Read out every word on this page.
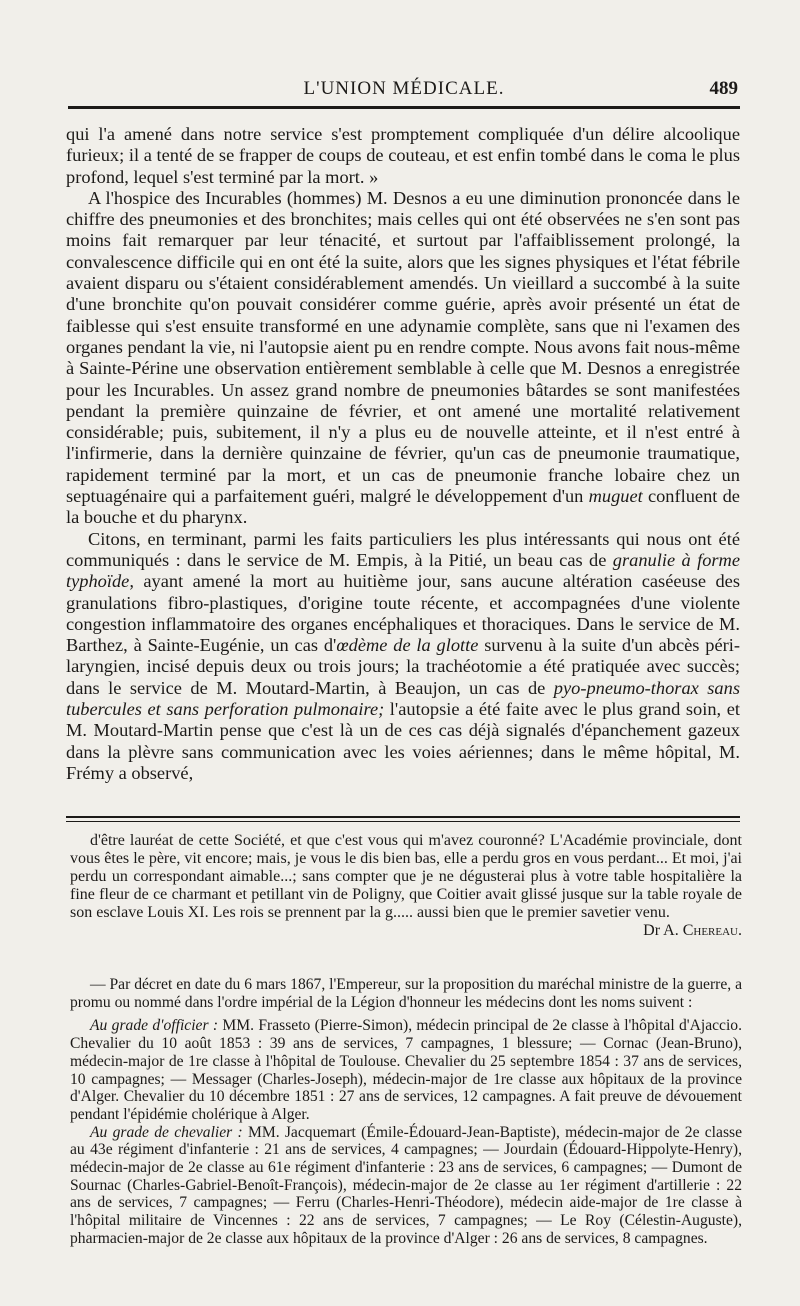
L'UNION MÉDICALE.	489

qui l'a amené dans notre service s'est promptement compliquée d'un délire alcoolique furieux; il a tenté de se frapper de coups de couteau, et est enfin tombé dans le coma le plus profond, lequel s'est terminé par la mort. »

A l'hospice des Incurables (hommes) M. Desnos a eu une diminution prononcée dans le chiffre des pneumonies et des bronchites; mais celles qui ont été observées ne s'en sont pas moins fait remarquer par leur ténacité, et surtout par l'affaiblissement prolongé, la convalescence difficile qui en ont été la suite, alors que les signes physiques et l'état fébrile avaient disparu ou s'étaient considérablement amendés. Un vieillard a succombé à la suite d'une bronchite qu'on pouvait considérer comme guérie, après avoir présenté un état de faiblesse qui s'est ensuite transformé en une adynamie complète, sans que ni l'examen des organes pendant la vie, ni l'autopsie aient pu en rendre compte. Nous avons fait nous-même à Sainte-Périne une observation entièrement semblable à celle que M. Desnos a enregistrée pour les Incurables. Un assez grand nombre de pneumonies bâtardes se sont manifestées pendant la première quinzaine de février, et ont amené une mortalité relativement considérable; puis, subitement, il n'y a plus eu de nouvelle atteinte, et il n'est entré à l'infirmerie, dans la dernière quinzaine de février, qu'un cas de pneumonie traumatique, rapidement terminé par la mort, et un cas de pneumonie franche lobaire chez un septuagénaire qui a parfaitement guéri, malgré le développement d'un muguet confluent de la bouche et du pharynx.

Citons, en terminant, parmi les faits particuliers les plus intéressants qui nous ont été communiqués : dans le service de M. Empis, à la Pitié, un beau cas de granulie à forme typhoïde, ayant amené la mort au huitième jour, sans aucune altération caséeuse des granulations fibro-plastiques, d'origine toute récente, et accompagnées d'une violente congestion inflammatoire des organes encéphaliques et thoraciques. Dans le service de M. Barthez, à Sainte-Eugénie, un cas d'œdème de la glotte survenu à la suite d'un abcès péri-laryngien, incisé depuis deux ou trois jours; la trachéotomie a été pratiquée avec succès; dans le service de M. Moutard-Martin, à Beaujon, un cas de pyo-pneumo-thorax sans tubercules et sans perforation pulmonaire; l'autopsie a été faite avec le plus grand soin, et M. Moutard-Martin pense que c'est là un de ces cas déjà signalés d'épanchement gazeux dans la plèvre sans communication avec les voies aériennes; dans le même hôpital, M. Frémy a observé,

d'être lauréat de cette Société, et que c'est vous qui m'avez couronné? L'Académie provinciale, dont vous êtes le père, vit encore; mais, je vous le dis bien bas, elle a perdu gros en vous perdant... Et moi, j'ai perdu un correspondant aimable...; sans compter que je ne dégusterai plus à votre table hospitalière la fine fleur de ce charmant et petillant vin de Poligny, que Coitier avait glissé jusque sur la table royale de son esclave Louis XI. Les rois se prennent par la g..... aussi bien que le premier savetier venu.
Dr A. Chereau.

— Par décret en date du 6 mars 1867, l'Empereur, sur la proposition du maréchal ministre de la guerre, a promu ou nommé dans l'ordre impérial de la Légion d'honneur les médecins dont les noms suivent :

Au grade d'officier : MM. Frasseto (Pierre-Simon), médecin principal de 2e classe à l'hôpital d'Ajaccio. Chevalier du 10 août 1853 : 39 ans de services, 7 campagnes, 1 blessure; — Cornac (Jean-Bruno), médecin-major de 1re classe à l'hôpital de Toulouse. Chevalier du 25 septembre 1854 : 37 ans de services, 10 campagnes; — Messager (Charles-Joseph), médecin-major de 1re classe aux hôpitaux de la province d'Alger. Chevalier du 10 décembre 1851 : 27 ans de services, 12 campagnes. A fait preuve de dévouement pendant l'épidémie cholérique à Alger.

Au grade de chevalier : MM. Jacquemart (Émile-Édouard-Jean-Baptiste), médecin-major de 2e classe au 43e régiment d'infanterie : 21 ans de services, 4 campagnes; — Jourdain (Édouard-Hippolyte-Henry), médecin-major de 2e classe au 61e régiment d'infanterie : 23 ans de services, 6 campagnes; — Dumont de Sournac (Charles-Gabriel-Benoît-François), médecin-major de 2e classe au 1er régiment d'artillerie : 22 ans de services, 7 campagnes; — Ferru (Charles-Henri-Théodore), médecin aide-major de 1re classe à l'hôpital militaire de Vincennes : 22 ans de services, 7 campagnes; — Le Roy (Célestin-Auguste), pharmacien-major de 2e classe aux hôpitaux de la province d'Alger : 26 ans de services, 8 campagnes.
